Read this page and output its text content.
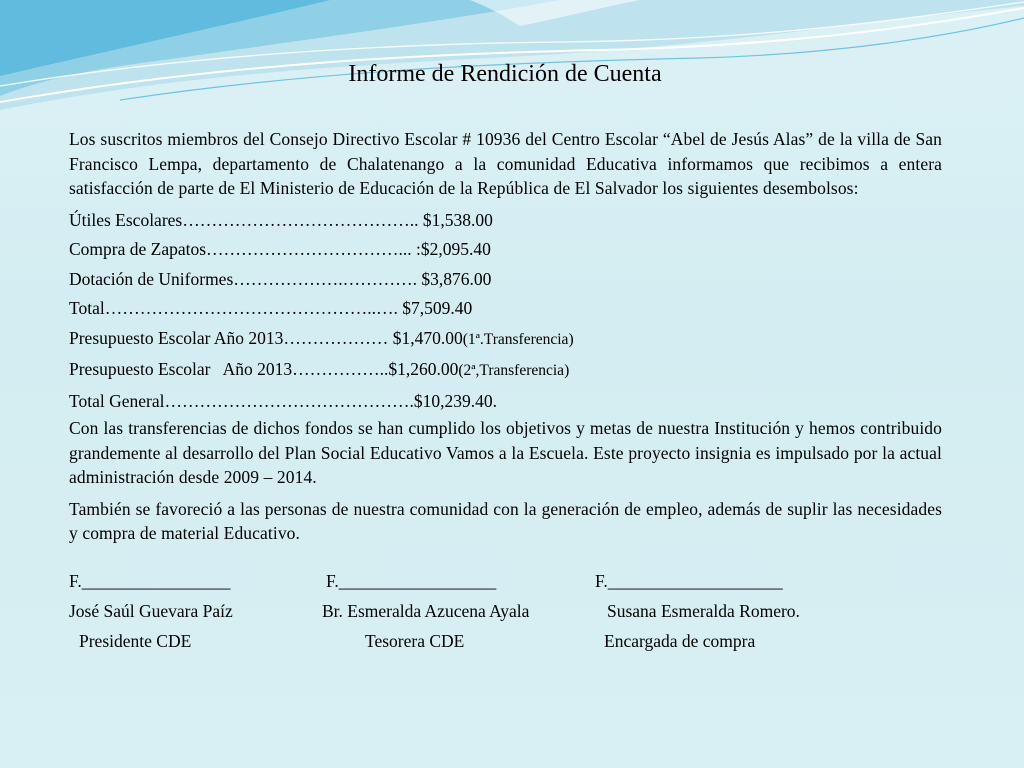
Informe de Rendición de Cuenta

Los suscritos miembros del Consejo Directivo Escolar # 10936 del Centro Escolar “Abel de Jesús Alas” de la villa de San Francisco Lempa, departamento de Chalatenango a la comunidad Educativa informamos que recibimos a entera satisfacción de parte de El Ministerio de Educación de la República de El Salvador los siguientes desembolsos:

Útiles Escolares………………………………….. $1,538.00
Compra de Zapatos……………………………... :$2,095.40
Dotación de Uniformes……………….…………. $3,876.00
Total………………………………………..…. $7,509.40
Presupuesto Escolar Año 2013……………… $1,470.00(1ª.Transferencia)
Presupuesto Escolar   Año 2013……………..$1,260.00(2ª,Transferencia)
Total General…………………………………….$10,239.40.

Con las transferencias de dichos fondos se han cumplido los objetivos y metas de nuestra Institución y hemos contribuido grandemente al desarrollo del Plan Social Educativo Vamos a la Escuela. Este proyecto insignia es impulsado por la actual administración desde 2009 – 2014.

También se favoreció a las personas de nuestra comunidad con la generación de empleo, además de suplir las necesidades y compra de material Educativo.

F._________________	F.__________________	F.____________________
José Saúl Guevara Paíz	Br. Esmeralda Azucena Ayala	Susana Esmeralda Romero.
Presidente CDE	Tesorera CDE	Encargada de compra
